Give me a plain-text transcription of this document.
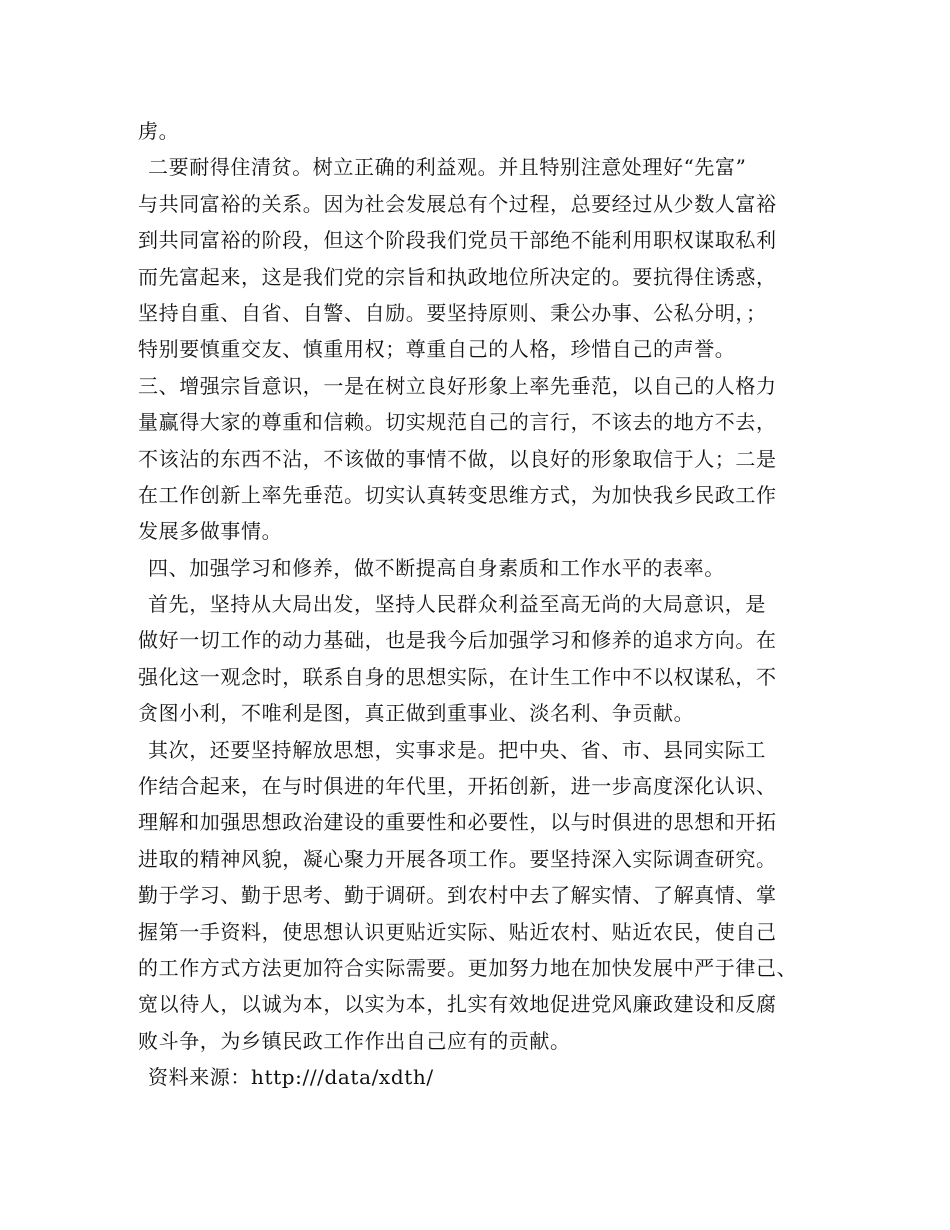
虏。
二要耐得住清贫。树立正确的利益观。并且特别注意处理好“先富”
与共同富裕的关系。因为社会发展总有个过程，总要经过从少数人富裕
到共同富裕的阶段，但这个阶段我们党员干部绝不能利用职权谋取私利
而先富起来，这是我们党的宗旨和执政地位所决定的。要抗得住诱惑，
坚持自重、自省、自警、自励。要坚持原则、秉公办事、公私分明，；
特别要慎重交友、慎重用权；尊重自己的人格，珍惜自己的声誉。
三、增强宗旨意识，一是在树立良好形象上率先垂范，以自己的人格力
量赢得大家的尊重和信赖。切实规范自己的言行，不该去的地方不去，
不该沾的东西不沾，不该做的事情不做，以良好的形象取信于人；二是
在工作创新上率先垂范。切实认真转变思维方式，为加快我乡民政工作
发展多做事情。
四、加强学习和修养，做不断提高自身素质和工作水平的表率。
首先，坚持从大局出发，坚持人民群众利益至高无尚的大局意识，是
做好一切工作的动力基础，也是我今后加强学习和修养的追求方向。在
强化这一观念时，联系自身的思想实际，在计生工作中不以权谋私，不
贪图小利，不唯利是图，真正做到重事业、淡名利、争贡献。
其次，还要坚持解放思想，实事求是。把中央、省、市、县同实际工
作结合起来，在与时俱进的年代里，开拓创新，进一步高度深化认识、
理解和加强思想政治建设的重要性和必要性，以与时俱进的思想和开拓
进取的精神风貌，凝心聚力开展各项工作。要坚持深入实际调查研究。
勤于学习、勤于思考、勤于调研。到农村中去了解实情、了解真情、掌
握第一手资料，使思想认识更贴近实际、贴近农村、贴近农民，使自己
的工作方式方法更加符合实际需要。更加努力地在加快发展中严于律己、
宽以待人，以诚为本，以实为本，扎实有效地促进党风廉政建设和反腐
败斗争，为乡镇民政工作作出自己应有的贡献。
资料来源：http:///data/xdth/
